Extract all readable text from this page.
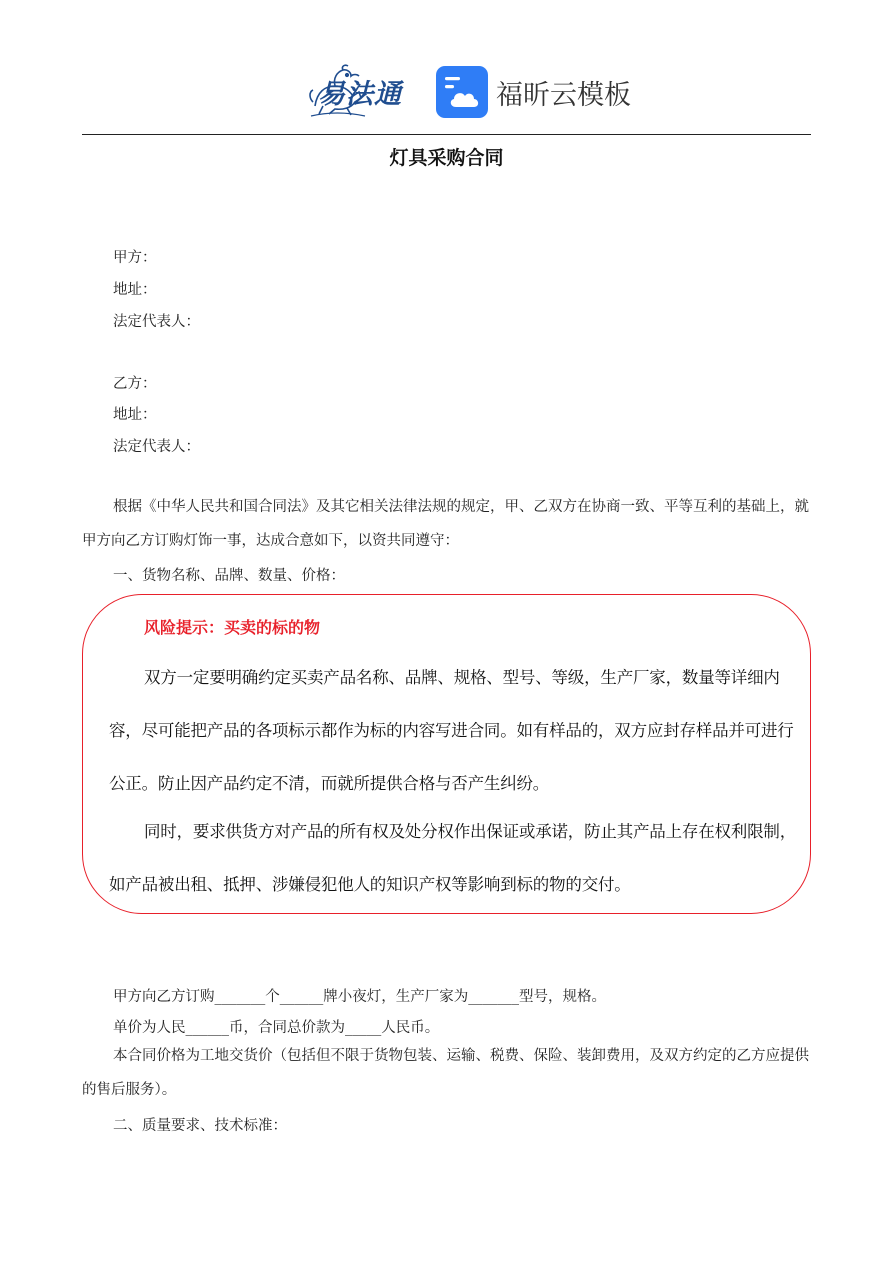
易法通	福昕云模板
灯具采购合同
甲方：
地址：
法定代表人：
乙方：
地址：
法定代表人：
根据《中华人民共和国合同法》及其它相关法律法规的规定，甲、乙双方在协商一致、平等互利的基础上，就甲方向乙方订购灯饰一事，达成合意如下，以资共同遵守：
一、货物名称、品牌、数量、价格：
风险提示：买卖的标的物
双方一定要明确约定买卖产品名称、品牌、规格、型号、等级，生产厂家，数量等详细内容，尽可能把产品的各项标示都作为标的内容写进合同。如有样品的，双方应封存样品并可进行公正。防止因产品约定不清，而就所提供合格与否产生纠纷。
同时，要求供货方对产品的所有权及处分权作出保证或承诺，防止其产品上存在权利限制，如产品被出租、抵押、涉嫌侵犯他人的知识产权等影响到标的物的交付。
甲方向乙方订购_______个______牌小夜灯，生产厂家为_______型号，规格。
单价为人民______币，合同总价款为_____人民币。
本合同价格为工地交货价（包括但不限于货物包装、运输、税费、保险、装卸费用，及双方约定的乙方应提供的售后服务）。
二、质量要求、技术标准：
